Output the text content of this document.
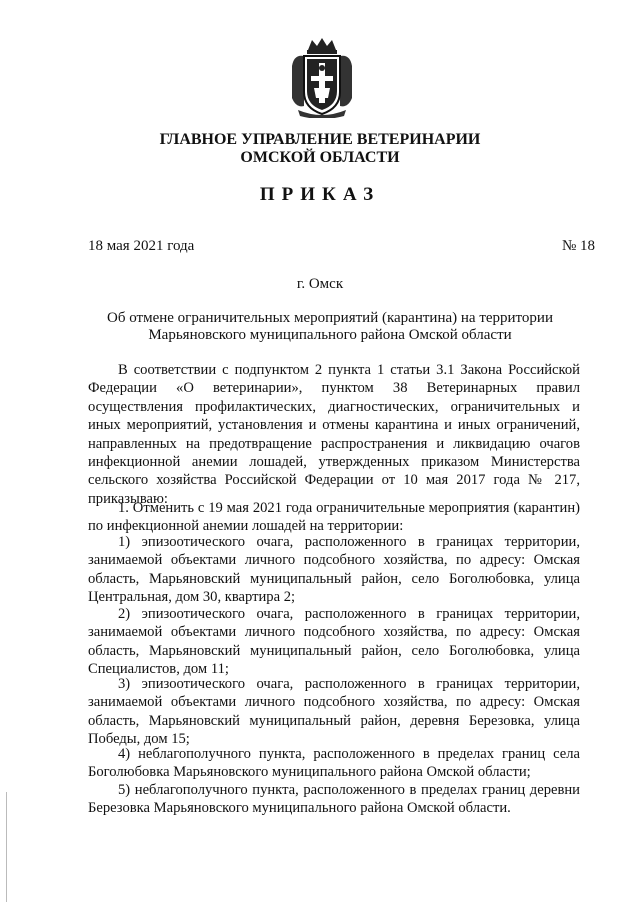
ГЛАВНОЕ УПРАВЛЕНИЕ ВЕТЕРИНАРИИ
ОМСКОЙ ОБЛАСТИ
ПРИКАЗ
18 мая 2021 года	№ 18
г. Омск
Об отмене ограничительных мероприятий (карантина) на территории
Марьяновского муниципального района Омской области

В соответствии с подпунктом 2 пункта 1 статьи 3.1 Закона Российской Федерации «О ветеринарии», пунктом 38 Ветеринарных правил осуществления профилактических, диагностических, ограничительных и иных мероприятий, установления и отмены карантина и иных ограничений, направленных на предотвращение распространения и ликвидацию очагов инфекционной анемии лошадей, утвержденных приказом Министерства сельского хозяйства Российской Федерации от 10 мая 2017 года № 217, приказываю:

1. Отменить с 19 мая 2021 года ограничительные мероприятия (карантин) по инфекционной анемии лошадей на территории:

1) эпизоотического очага, расположенного в границах территории, занимаемой объектами личного подсобного хозяйства, по адресу: Омская область, Марьяновский муниципальный район, село Боголюбовка, улица Центральная, дом 30, квартира 2;

2) эпизоотического очага, расположенного в границах территории, занимаемой объектами личного подсобного хозяйства, по адресу: Омская область, Марьяновский муниципальный район, село Боголюбовка, улица Специалистов, дом 11;

3) эпизоотического очага, расположенного в границах территории, занимаемой объектами личного подсобного хозяйства, по адресу: Омская область, Марьяновский муниципальный район, деревня Березовка, улица Победы, дом 15;

4) неблагополучного пункта, расположенного в пределах границ села Боголюбовка Марьяновского муниципального района Омской области;

5) неблагополучного пункта, расположенного в пределах границ деревни Березовка Марьяновского муниципального района Омской области.
